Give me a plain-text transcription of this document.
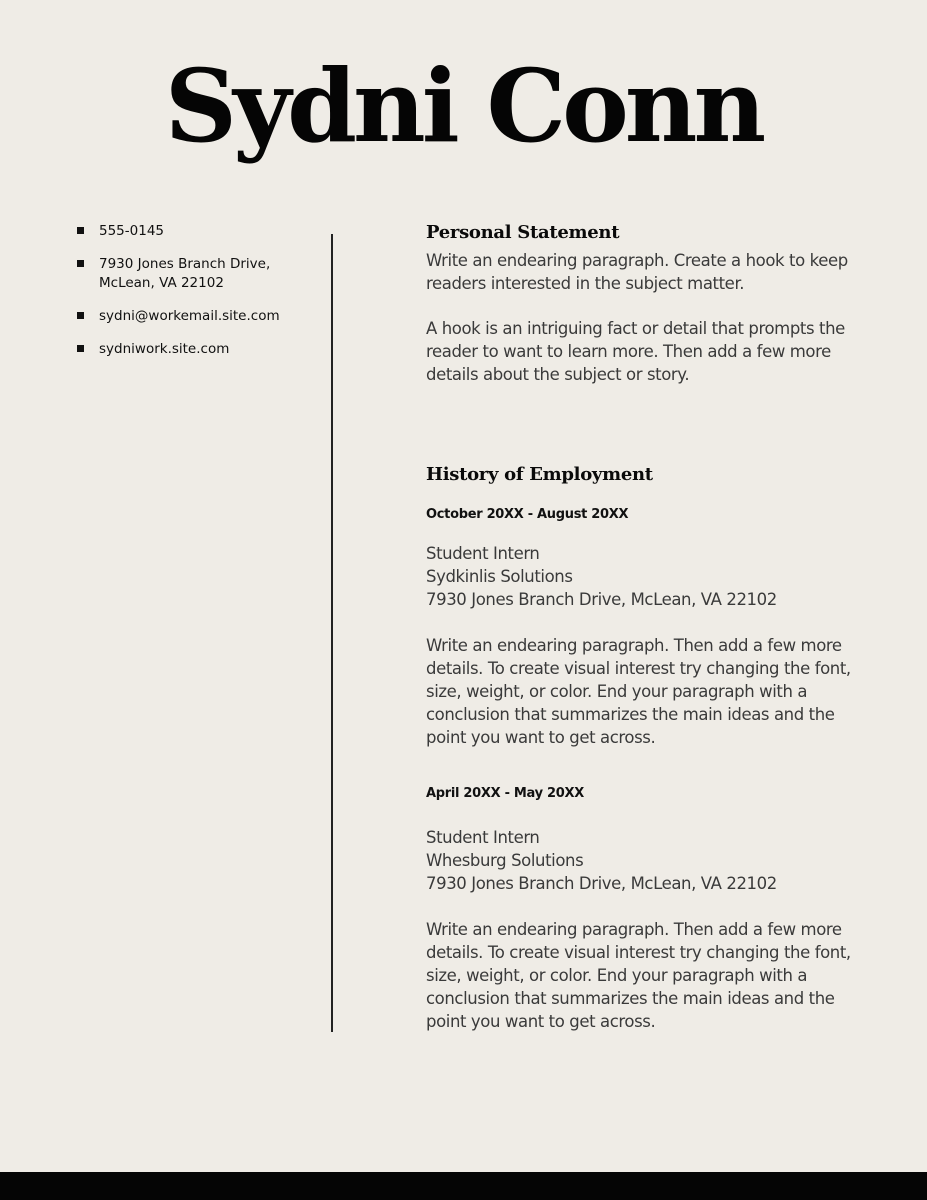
Sydni Conn
555-0145
7930 Jones Branch Drive,
McLean, VA 22102
sydni@workemail.site.com
sydniwork.site.com
Personal Statement

Write an endearing paragraph. Create a hook to keep readers interested in the subject matter.

A hook is an intriguing fact or detail that prompts the reader to want to learn more. Then add a few more details about the subject or story.

History of Employment

October 20XX - August 20XX

Student Intern

Sydkinlis Solutions

7930 Jones Branch Drive, McLean, VA 22102

Write an endearing paragraph. Then add a few more details. To create visual interest try changing the font, size, weight, or color. End your paragraph with a conclusion that summarizes the main ideas and the point you want to get across.

April 20XX - May 20XX

Student Intern

Whesburg Solutions

7930 Jones Branch Drive, McLean, VA 22102

Write an endearing paragraph. Then add a few more details. To create visual interest try changing the font, size, weight, or color. End your paragraph with a conclusion that summarizes the main ideas and the point you want to get across.
